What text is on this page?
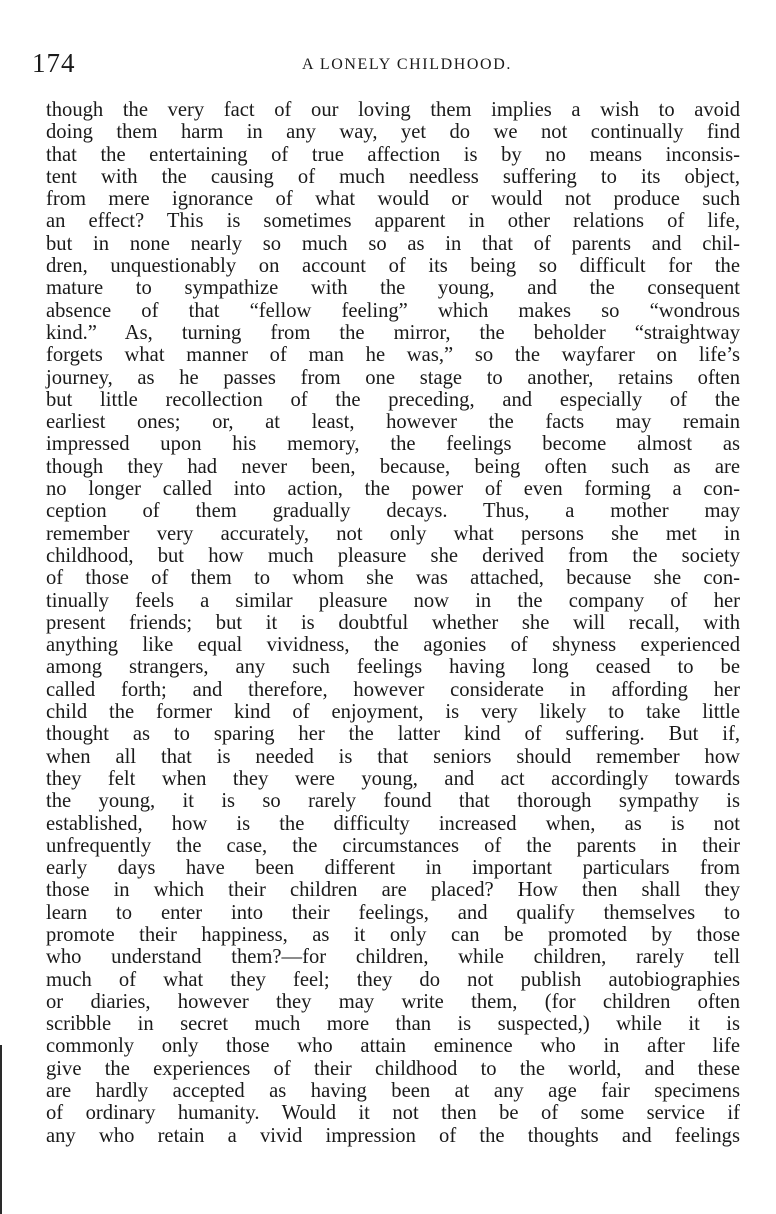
174	A LONELY CHILDHOOD.
though the very fact of our loving them implies a wish to avoid
doing them harm in any way, yet do we not continually find
that the entertaining of true affection is by no means inconsis-
tent with the causing of much needless suffering to its object,
from mere ignorance of what would or would not produce such
an effect? This is sometimes apparent in other relations of life,
but in none nearly so much so as in that of parents and chil-
dren, unquestionably on account of its being so difficult for the
mature to sympathize with the young, and the consequent
absence of that “fellow feeling” which makes so “wondrous
kind.” As, turning from the mirror, the beholder “straightway
forgets what manner of man he was,” so the wayfarer on life’s
journey, as he passes from one stage to another, retains often
but little recollection of the preceding, and especially of the
earliest ones; or, at least, however the facts may remain
impressed upon his memory, the feelings become almost as
though they had never been, because, being often such as are
no longer called into action, the power of even forming a con-
ception of them gradually decays. Thus, a mother may
remember very accurately, not only what persons she met in
childhood, but how much pleasure she derived from the society
of those of them to whom she was attached, because she con-
tinually feels a similar pleasure now in the company of her
present friends; but it is doubtful whether she will recall, with
anything like equal vividness, the agonies of shyness experienced
among strangers, any such feelings having long ceased to be
called forth; and therefore, however considerate in affording her
child the former kind of enjoyment, is very likely to take little
thought as to sparing her the latter kind of suffering. But if,
when all that is needed is that seniors should remember how
they felt when they were young, and act accordingly towards
the young, it is so rarely found that thorough sympathy is
established, how is the difficulty increased when, as is not
unfrequently the case, the circumstances of the parents in their
early days have been different in important particulars from
those in which their children are placed? How then shall they
learn to enter into their feelings, and qualify themselves to
promote their happiness, as it only can be promoted by those
who understand them?—for children, while children, rarely tell
much of what they feel; they do not publish autobiographies
or diaries, however they may write them, (for children often
scribble in secret much more than is suspected,) while it is
commonly only those who attain eminence who in after life
give the experiences of their childhood to the world, and these
are hardly accepted as having been at any age fair specimens
of ordinary humanity. Would it not then be of some service if
any who retain a vivid impression of the thoughts and feelings
